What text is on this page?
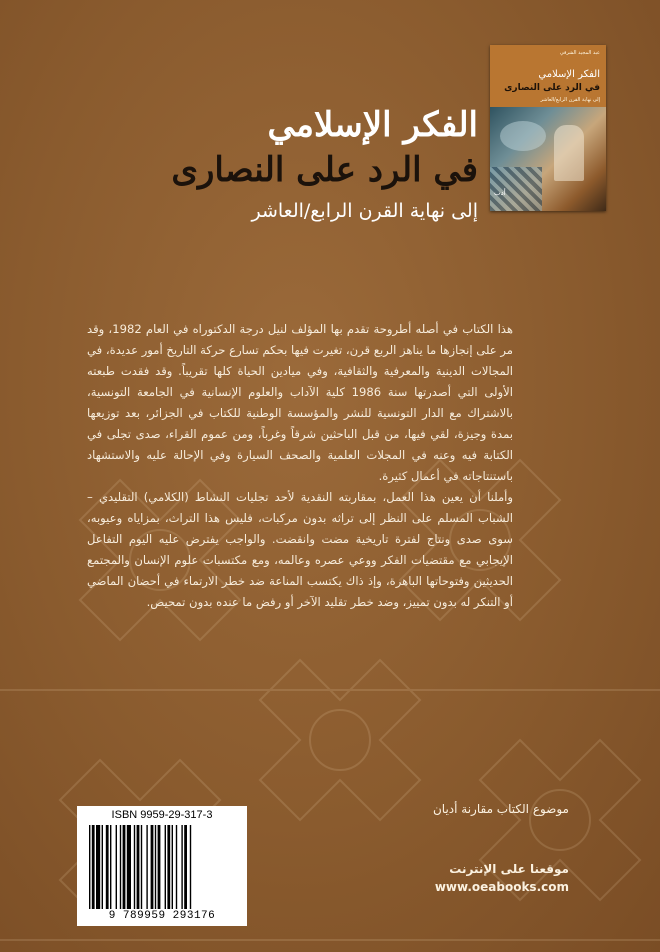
عبد المجيد الشرفي
الفكر الإسلامي
في الرد على النصارى
إلى نهاية القرن الرابع/العاشر
أدب
الفكر الإسلامي
في الرد على النصارى
إلى نهاية القرن الرابع/العاشر

هذا الكتاب في أصله أطروحة تقدم بها المؤلف لنيل درجة الدكتوراه في العام 1982، وقد مر على إنجازها ما يناهز الربع قرن، تغيرت فيها بحكم تسارع حركة التاريخ أمور عديدة، في المجالات الدينية والمعرفية والثقافية، وفي ميادين الحياة كلها تقريباً. وقد فقدت طبعته الأولى التي أصدرتها سنة 1986 كلية الآداب والعلوم الإنسانية في الجامعة التونسية، بالاشتراك مع الدار التونسية للنشر والمؤسسة الوطنية للكتاب في الجزائر، بعد توزيعها بمدة وجيزة، لقي فيها، من قبل الباحثين شرقاً وغرباً، ومن عموم القراء، صدى تجلى في الكتابة فيه وعنه في المجلات العلمية والصحف السيارة وفي الإحالة عليه والاستشهاد باستنتاجاته في أعمال كثيرة.

وأملنا أن يعين هذا العمل، بمقاربته النقدية لأحد تجليات النشاط (الكلامي) التقليدي – الشباب المسلم على النظر إلى تراثه بدون مركبات، فليس هذا التراث، بمزاياه وعيوبه، سوى صدى ونتاج لفترة تاريخية مضت وانقضت. والواجب يفترض عليه اليوم التفاعل الإيجابي مع مقتضيات الفكر ووعي عصره وعالمه، ومع مكتسبات علوم الإنسان والمجتمع الحديثين وفتوحاتها الباهرة، وإذ ذاك يكتسب المناعة ضد خطر الارتماء في أحضان الماضي أو التنكر له بدون تمييز، وضد خطر تقليد الآخر أو رفض ما عنده بدون تمحيص.

موضوع الكتاب مقارنة أديان
ISBN 9959-29-317-3
9 789959 293176
موقعنا على الإنترنت
www.oeabooks.com
